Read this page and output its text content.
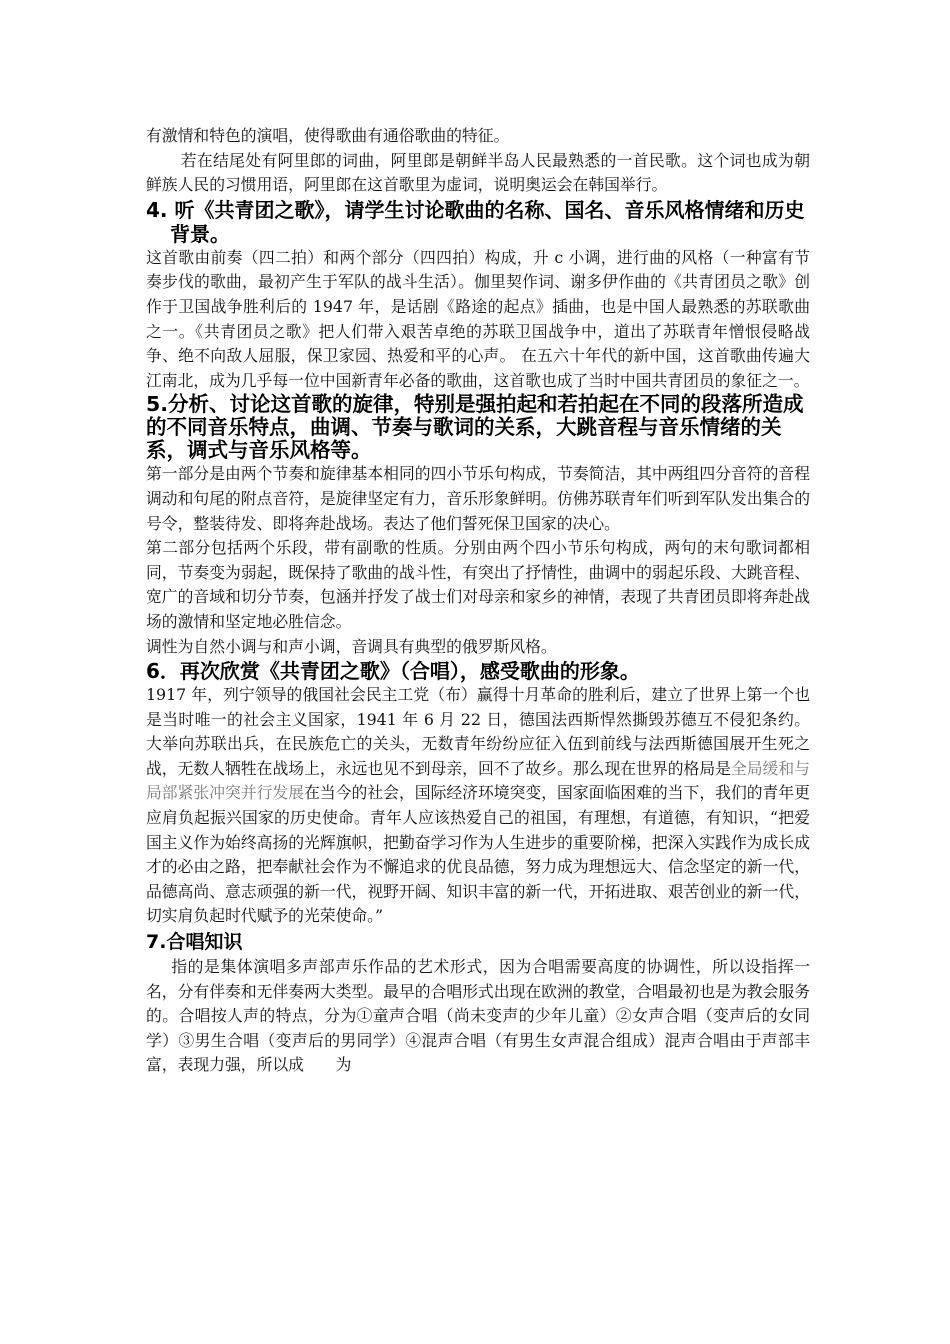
有激情和特色的演唱，使得歌曲有通俗歌曲的特征。

若在结尾处有阿里郎的词曲，阿里郎是朝鲜半岛人民最熟悉的一首民歌。这个词也成为朝鲜族人民的习惯用语，阿里郎在这首歌里为虚词，说明奥运会在韩国举行。

4. 听《共青团之歌》，请学生讨论歌曲的名称、国名、音乐风格情绪和历史背景。

这首歌由前奏（四二拍）和两个部分（四四拍）构成，升 c 小调，进行曲的风格（一种富有节奏步伐的歌曲，最初产生于军队的战斗生活）。伽里契作词、谢多伊作曲的《共青团员之歌》创作于卫国战争胜利后的 1947 年，是话剧《路途的起点》插曲，也是中国人最熟悉的苏联歌曲之一。《共青团员之歌》把人们带入艰苦卓绝的苏联卫国战争中，道出了苏联青年憎恨侵略战争、绝不向敌人屈服，保卫家园、热爱和平的心声。 在五六十年代的新中国，这首歌曲传遍大江南北，成为几乎每一位中国新青年必备的歌曲，这首歌也成了当时中国共青团员的象征之一。

5.分析、讨论这首歌的旋律，特别是强拍起和若拍起在不同的段落所造成的不同音乐特点，曲调、节奏与歌词的关系，大跳音程与音乐情绪的关系，调式与音乐风格等。

第一部分是由两个节奏和旋律基本相同的四小节乐句构成，节奏简洁，其中两组四分音符的音程调动和句尾的附点音符，是旋律坚定有力，音乐形象鲜明。仿佛苏联青年们听到军队发出集合的号令，整装待发、即将奔赴战场。表达了他们誓死保卫国家的决心。

第二部分包括两个乐段，带有副歌的性质。分别由两个四小节乐句构成，两句的末句歌词都相同，节奏变为弱起，既保持了歌曲的战斗性，有突出了抒情性，曲调中的弱起乐段、大跳音程、宽广的音域和切分节奏，包涵并抒发了战士们对母亲和家乡的神情，表现了共青团员即将奔赴战场的激情和坚定地必胜信念。

调性为自然小调与和声小调，音调具有典型的俄罗斯风格。

6．再次欣赏《共青团之歌》（合唱），感受歌曲的形象。

1917 年，列宁领导的俄国社会民主工党（布）赢得十月革命的胜利后，建立了世界上第一个也是当时唯一的社会主义国家，1941 年 6 月 22 日，德国法西斯悍然撕毁苏德互不侵犯条约。大举向苏联出兵，在民族危亡的关头，无数青年纷纷应征入伍到前线与法西斯德国展开生死之战，无数人牺牲在战场上，永远也见不到母亲，回不了故乡。那么现在世界的格局是全局缓和与局部紧张冲突并行发展在当今的社会，国际经济环境突变，国家面临困难的当下，我们的青年更应肩负起振兴国家的历史使命。青年人应该热爱自己的祖国，有理想，有道德，有知识，“把爱国主义作为始终高扬的光辉旗帜，把勤奋学习作为人生进步的重要阶梯，把深入实践作为成长成才的必由之路，把奉献社会作为不懈追求的优良品德，努力成为理想远大、信念坚定的新一代，品德高尚、意志顽强的新一代，视野开阔、知识丰富的新一代，开拓进取、艰苦创业的新一代，切实肩负起时代赋予的光荣使命。”

7.合唱知识

指的是集体演唱多声部声乐作品的艺术形式，因为合唱需要高度的协调性，所以设指挥一名，分有伴奏和无伴奏两大类型。最早的合唱形式出现在欧洲的教堂，合唱最初也是为教会服务的。合唱按人声的特点，分为①童声合唱（尚未变声的少年儿童）②女声合唱（变声后的女同学）③男生合唱（变声后的男同学）④混声合唱（有男生女声混合组成）混声合唱由于声部丰富，表现力强，所以成　　为
